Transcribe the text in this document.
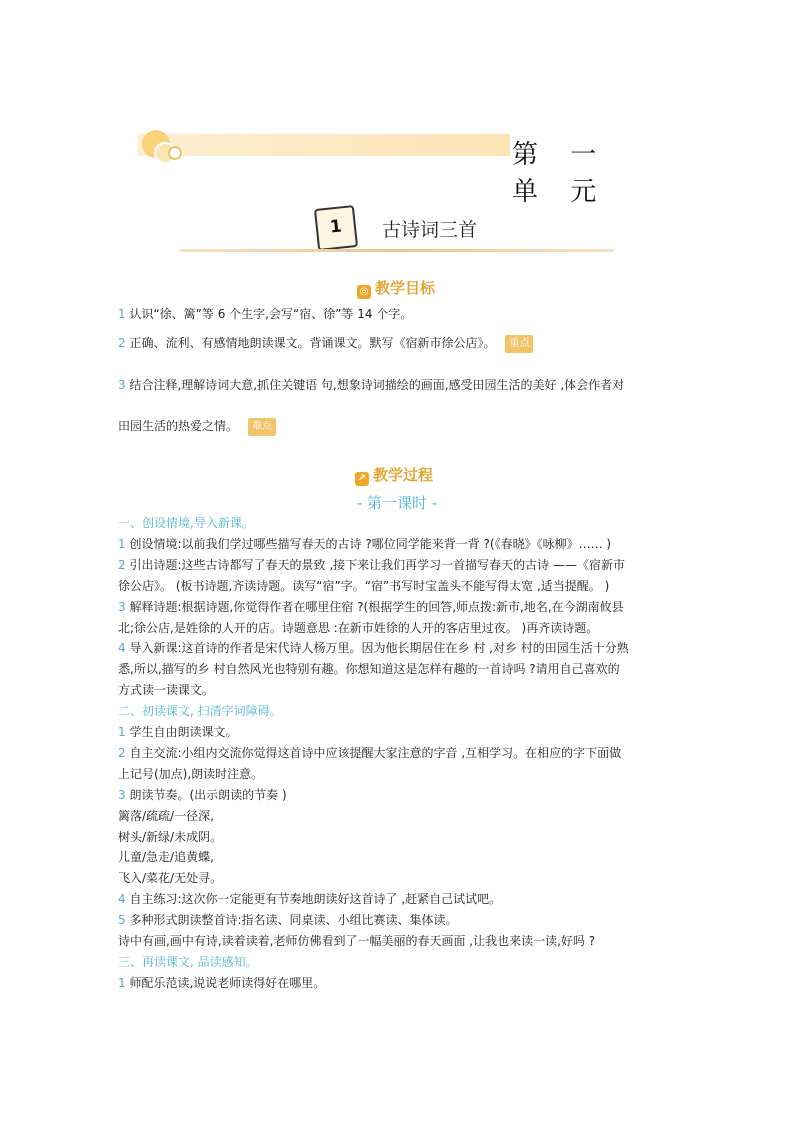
第 一 单 元
1	古诗词三首
◎ 教学目标
1 认识“徐、篱”等 6 个生字,会写“宿、徐”等 14 个字。
2 正确、流利、有感情地朗读课文。背诵课文。默写《宿新市徐公店》。 重点
3 结合注释,理解诗词大意,抓住关键语 句,想象诗词描绘的画面,感受田园生活的美好 ,体会作者对
田园生活的热爱之情。 难点
↗ 教学过程
- 第一课时 -
一、创设情境,导入新课。
1 创设情境:以前我们学过哪些描写春天的古诗 ?哪位同学能来背一背 ?(《春晓》《咏柳》…… )
2 引出诗题:这些古诗都写了春天的景致 ,接下来让我们再学习一首描写春天的古诗 ——《宿新市
徐公店》。 (板书诗题,齐读诗题。读写“宿”字。“宿”书写时宝盖头不能写得太宽 ,适当提醒。 )
3 解释诗题:根据诗题,你觉得作者在哪里住宿 ?(根据学生的回答,师点拨:新市,地名,在今湖南攸县
北;徐公店,是姓徐的人开的店。诗题意思 :在新市姓徐的人开的客店里过夜。 )再齐读诗题。
4 导入新课:这首诗的作者是宋代诗人杨万里。因为他长期居住在乡 村 ,对乡 村的田园生活十分熟
悉,所以,描写的乡 村自然风光也特别有趣。你想知道这是怎样有趣的一首诗吗 ?请用自己喜欢的
方式读一读课文。
二、初读课文, 扫清字词障碍。
1 学生自由朗读课文。
2 自主交流:小组内交流你觉得这首诗中应该提醒大家注意的字音 ,互相学习。在相应的字下面做
上记号(加点),朗读时注意。
3 朗读节奏。(出示朗读的节奏 )
篱落/疏疏/一径深,
树头/新绿/未成阴。
儿童/急走/追黄蝶,
飞入/菜花/无处寻。
4 自主练习:这次你一定能更有节奏地朗读好这首诗了 ,赶紧自己试试吧。
5 多种形式朗读整首诗:指名读、同桌读、小组比赛读、集体读。
诗中有画,画中有诗,读着读着,老师仿佛看到了一幅美丽的春天画面 ,让我也来读一读,好吗 ?
三、再读课文, 品读感知。
1 师配乐范读,说说老师读得好在哪里。
